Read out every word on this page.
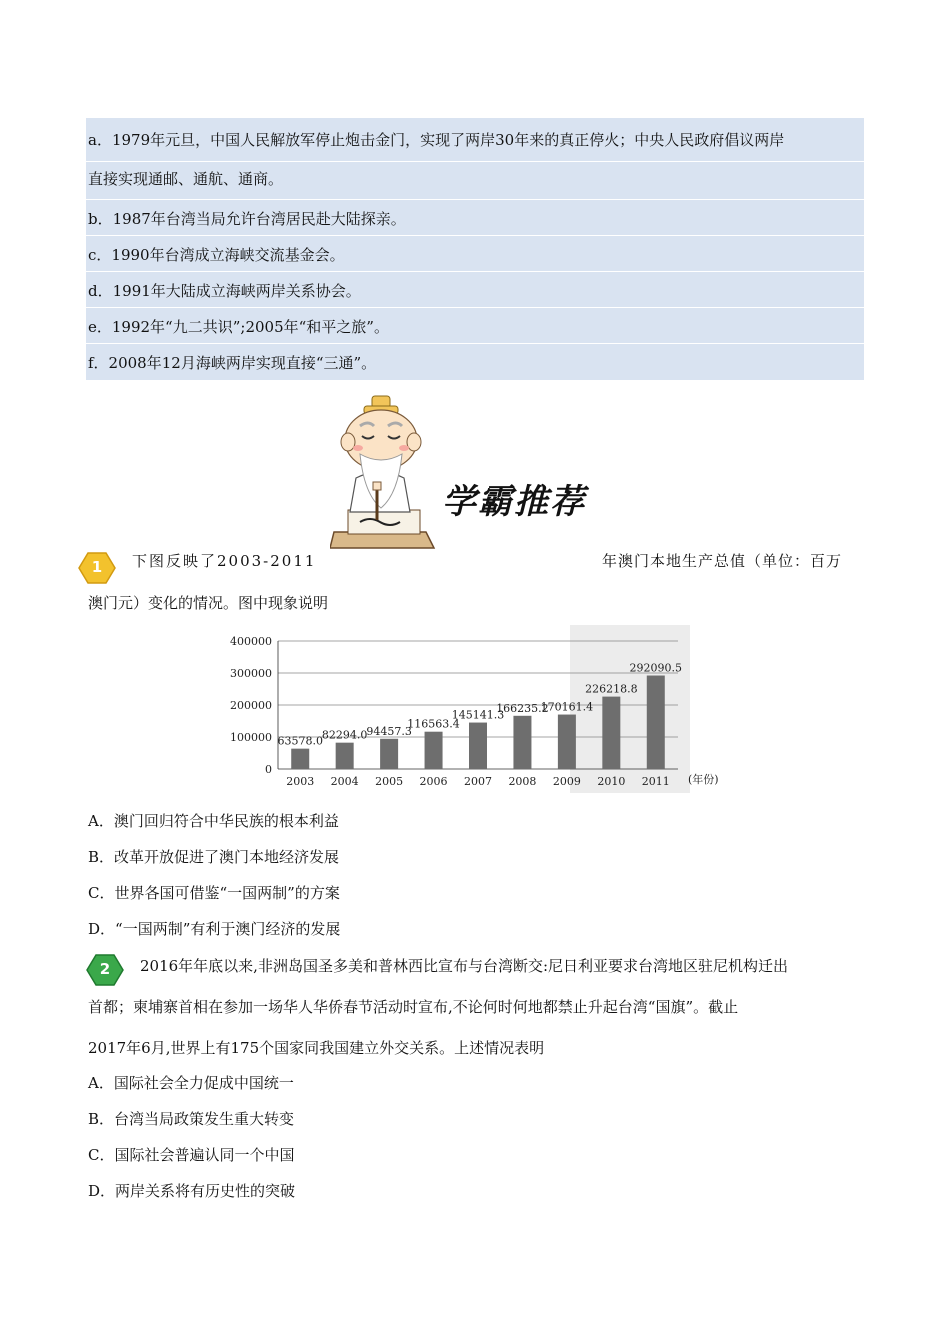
a．1979年元旦，中国人民解放军停止炮击金门，实现了两岸30年来的真正停火；中央人民政府倡议两岸
直接实现通邮、通航、通商。
b．1987年台湾当局允许台湾居民赴大陆探亲。
c．1990年台湾成立海峡交流基金会。
d．1991年大陆成立海峡两岸关系协会。
e．1992年“九二共识”;2005年“和平之旅”。
f．2008年12月海峡两岸实现直接“三通”。
学霸推荐
1	下图反映了2003-2011	年澳门本地生产总值（单位：百万
澳门元）变化的情况。图中现象说明
400000
300000
200000
100000
0
63578.0
82294.0
94457.3
116563.4
145141.3
166235.2
170161.4
226218.8
292090.5
2003 2004 2005 2006 2007 2008 2009 2010 2011 (年份)
A．澳门回归符合中华民族的根本利益
B．改革开放促进了澳门本地经济发展
C．世界各国可借鉴“一国两制”的方案
D．“一国两制”有利于澳门经济的发展
2	2016年年底以来,非洲岛国圣多美和普林西比宣布与台湾断交:尼日利亚要求台湾地区驻尼机构迁出
首都；柬埔寨首相在参加一场华人华侨春节活动时宣布,不论何时何地都禁止升起台湾“国旗”。截止
2017年6月,世界上有175个国家同我国建立外交关系。上述情况表明
A．国际社会全力促成中国统一
B．台湾当局政策发生重大转变
C．国际社会普遍认同一个中国
D．两岸关系将有历史性的突破
